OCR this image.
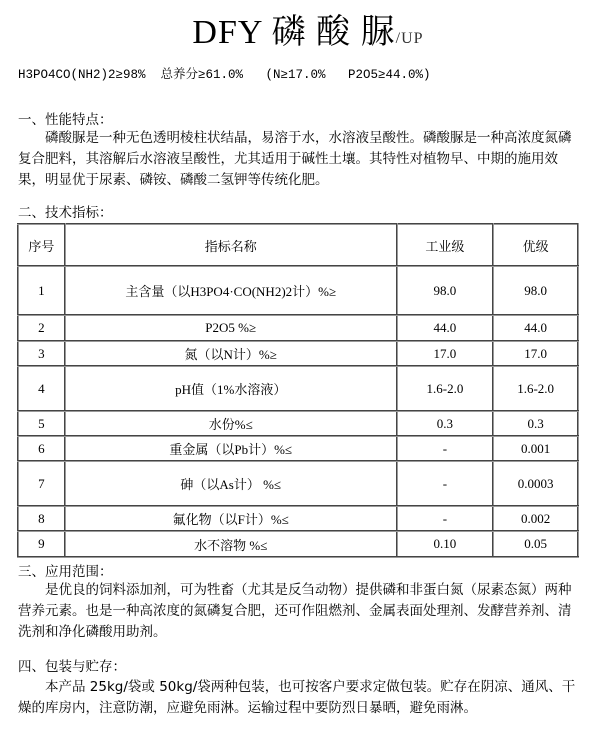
DFY 磷 酸 脲/UP
H3PO4CO(NH2)2≥98%  总养分≥61.0%   (N≥17.0%   P2O5≥44.0%)
一、性能特点：
磷酸脲是一种无色透明棱柱状结晶，易溶于水，水溶液呈酸性。磷酸脲是一种高浓度氮磷复合肥料，其溶解后水溶液呈酸性，尤其适用于碱性土壤。其特性对植物早、中期的施用效果，明显优于尿素、磷铵、磷酸二氢钾等传统化肥。
二、技术指标：
序号	指标名称	工业级	优级
1	主含量（以H3PO4·CO(NH2)2计）%≥	98.0	98.0
2	P2O5 %≥	44.0	44.0
3	氮（以N计）%≥	17.0	17.0
4	pH值（1%水溶液）	1.6-2.0	1.6-2.0
5	水份%≤	0.3	0.3
6	重金属（以Pb计）%≤	-	0.001
7	砷（以As计） %≤	-	0.0003
8	氟化物（以F计）%≤	-	0.002
9	水不溶物 %≤	0.10	0.05
三、应用范围：
是优良的饲料添加剂，可为牲畜（尤其是反刍动物）提供磷和非蛋白氮（尿素态氮）两种营养元素。也是一种高浓度的氮磷复合肥，还可作阻燃剂、金属表面处理剂、发酵营养剂、清洗剂和净化磷酸用助剂。
四、包装与贮存：
本产品 25kg/袋或 50kg/袋两种包装，也可按客户要求定做包装。贮存在阴凉、通风、干燥的库房内，注意防潮，应避免雨淋。运输过程中要防烈日暴晒，避免雨淋。
